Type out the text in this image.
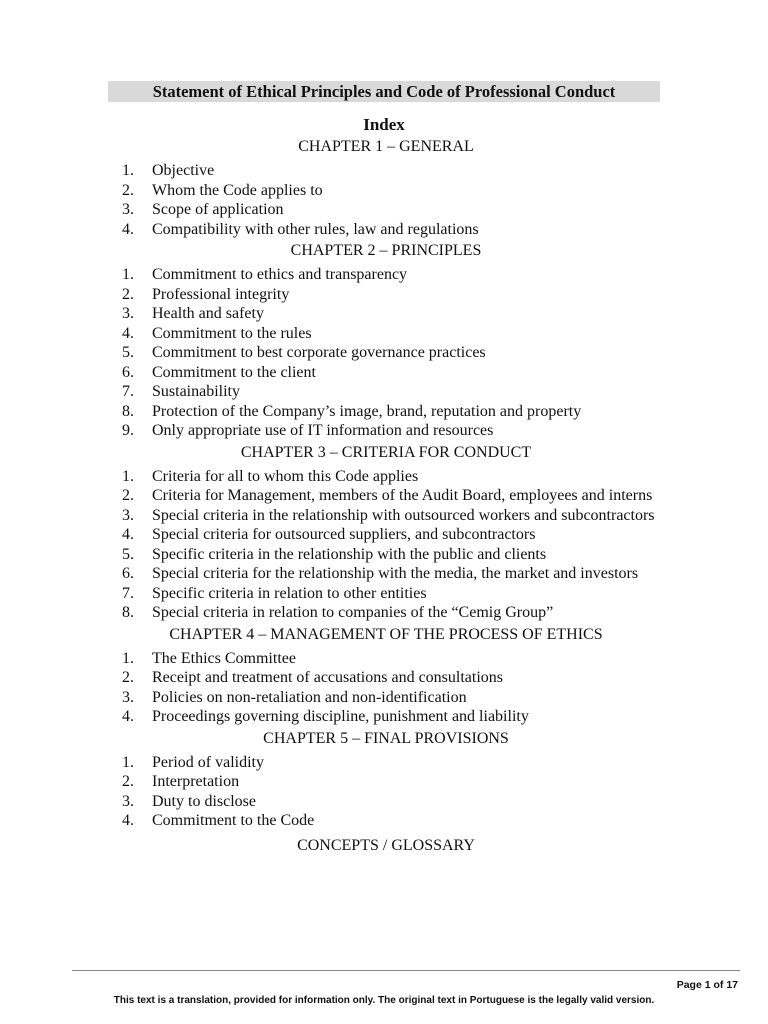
Statement of Ethical Principles and Code of Professional Conduct
Index
CHAPTER 1 – GENERAL
1.	Objective
2.	Whom the Code applies to
3.	Scope of application
4.	Compatibility with other rules, law and regulations
CHAPTER 2 – PRINCIPLES
1.	Commitment to ethics and transparency
2.	Professional integrity
3.	Health and safety
4.	Commitment to the rules
5.	Commitment to best corporate governance practices
6.	Commitment to the client
7.	Sustainability
8.	Protection of the Company’s image, brand, reputation and property
9.	Only appropriate use of IT information and resources
CHAPTER 3 – CRITERIA FOR CONDUCT
1.	Criteria for all to whom this Code applies
2.	Criteria for Management, members of the Audit Board, employees and interns
3.	Special criteria in the relationship with outsourced workers and subcontractors
4.	Special criteria for outsourced suppliers, and subcontractors
5.	Specific criteria in the relationship with the public and clients
6.	Special criteria for the relationship with the media, the market and investors
7.	Specific criteria in relation to other entities
8.	Special criteria in relation to companies of the “Cemig Group”
CHAPTER 4 – MANAGEMENT OF THE PROCESS OF ETHICS
1.	The Ethics Committee
2.	Receipt and treatment of accusations and consultations
3.	Policies on non-retaliation and non-identification
4.	Proceedings governing discipline, punishment and liability
CHAPTER 5 – FINAL PROVISIONS
1.	Period of validity
2.	Interpretation
3.	Duty to disclose
4.	Commitment to the Code
CONCEPTS / GLOSSARY
Page 1 of 17
This text is a translation, provided for information only. The original text in Portuguese is the legally valid version.
